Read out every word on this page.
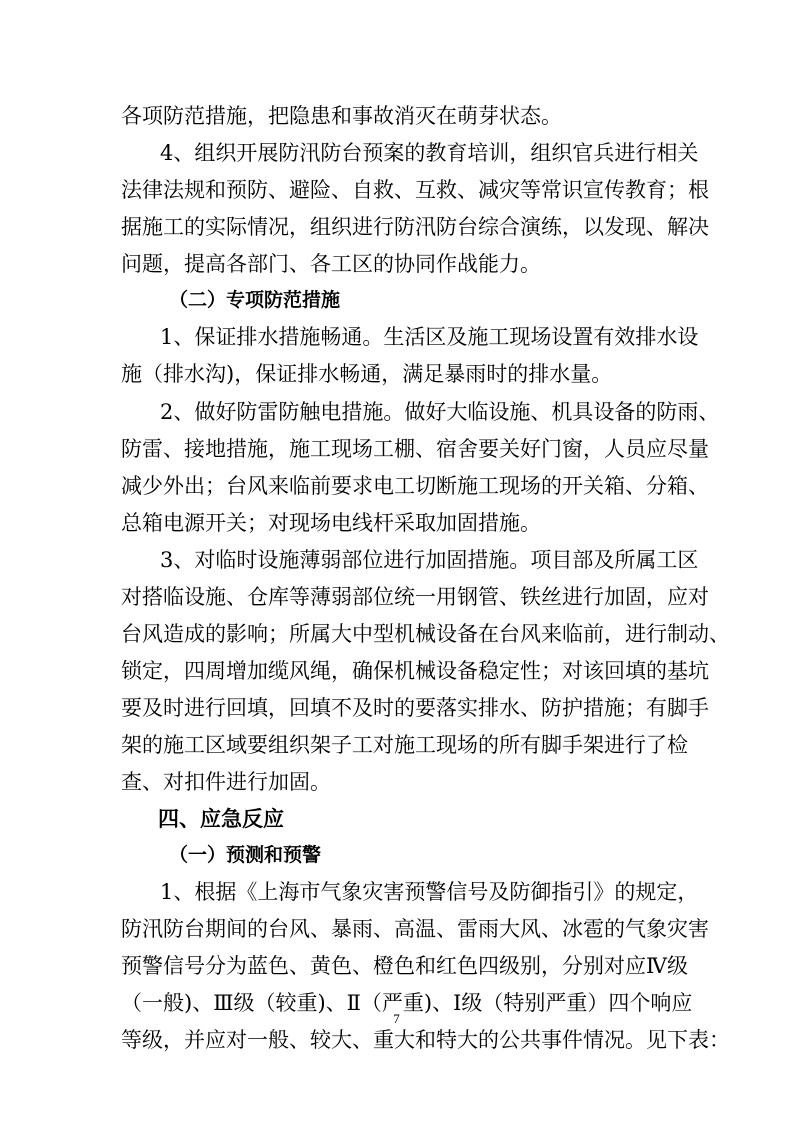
各项防范措施，把隐患和事故消灭在萌芽状态。
4、组织开展防汛防台预案的教育培训，组织官兵进行相关
法律法规和预防、避险、自救、互救、减灾等常识宣传教育；根
据施工的实际情况，组织进行防汛防台综合演练，以发现、解决
问题，提高各部门、各工区的协同作战能力。
（二）专项防范措施
1、保证排水措施畅通。生活区及施工现场设置有效排水设
施（排水沟)，保证排水畅通，满足暴雨时的排水量。
2、做好防雷防触电措施。做好大临设施、机具设备的防雨、
防雷、接地措施，施工现场工棚、宿舍要关好门窗，人员应尽量
减少外出；台风来临前要求电工切断施工现场的开关箱、分箱、
总箱电源开关；对现场电线杆采取加固措施。
3、对临时设施薄弱部位进行加固措施。项目部及所属工区
对搭临设施、仓库等薄弱部位统一用钢管、铁丝进行加固，应对
台风造成的影响；所属大中型机械设备在台风来临前，进行制动、
锁定，四周增加缆风绳，确保机械设备稳定性；对该回填的基坑
要及时进行回填，回填不及时的要落实排水、防护措施；有脚手
架的施工区域要组织架子工对施工现场的所有脚手架进行了检
查、对扣件进行加固。
四、应急反应
（一）预测和预警
1、根据《上海市气象灾害预警信号及防御指引》的规定，
防汛防台期间的台风、暴雨、高温、雷雨大风、冰雹的气象灾害
预警信号分为蓝色、黄色、橙色和红色四级别，分别对应Ⅳ级
（一般)、Ⅲ级（较重)、Ⅱ（严重)、Ⅰ级（特别严重）四个响应
等级，并应对一般、较大、重大和特大的公共事件情况。见下表：
7
